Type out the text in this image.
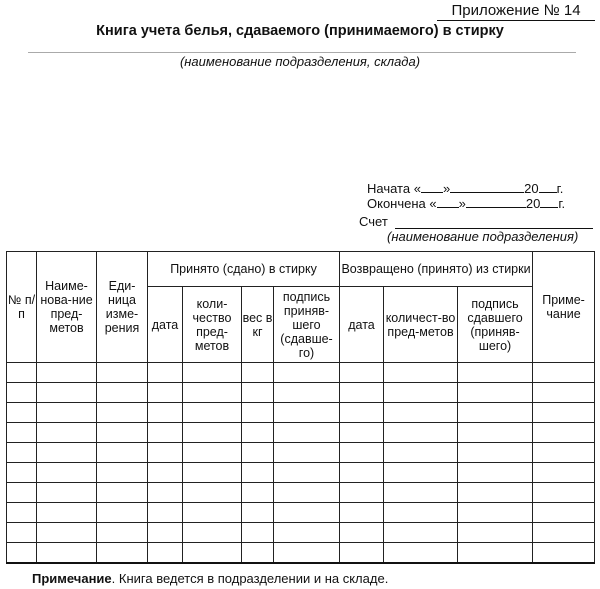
Приложение № 14
Книга учета белья, сдаваемого (принимаемого) в стирку
(наименование подразделения, склада)
Начата « »	20 г.
Окончена « »	20 г.
Счет
(наименование подразделения)
№ п/п	Наиме-нова-ние пред-метов	Еди-ница изме-рения	Принято (сдано) в стирку				Возвращено (принято) из стирки			Приме-чание
			дата	коли-чество пред-метов	вес в кг	подпись приняв-шего (сдавше-го)	дата	количест-во пред-метов	подпись сдавшего (приняв-шего)	

Примечание. Книга ведется в подразделении и на складе.
